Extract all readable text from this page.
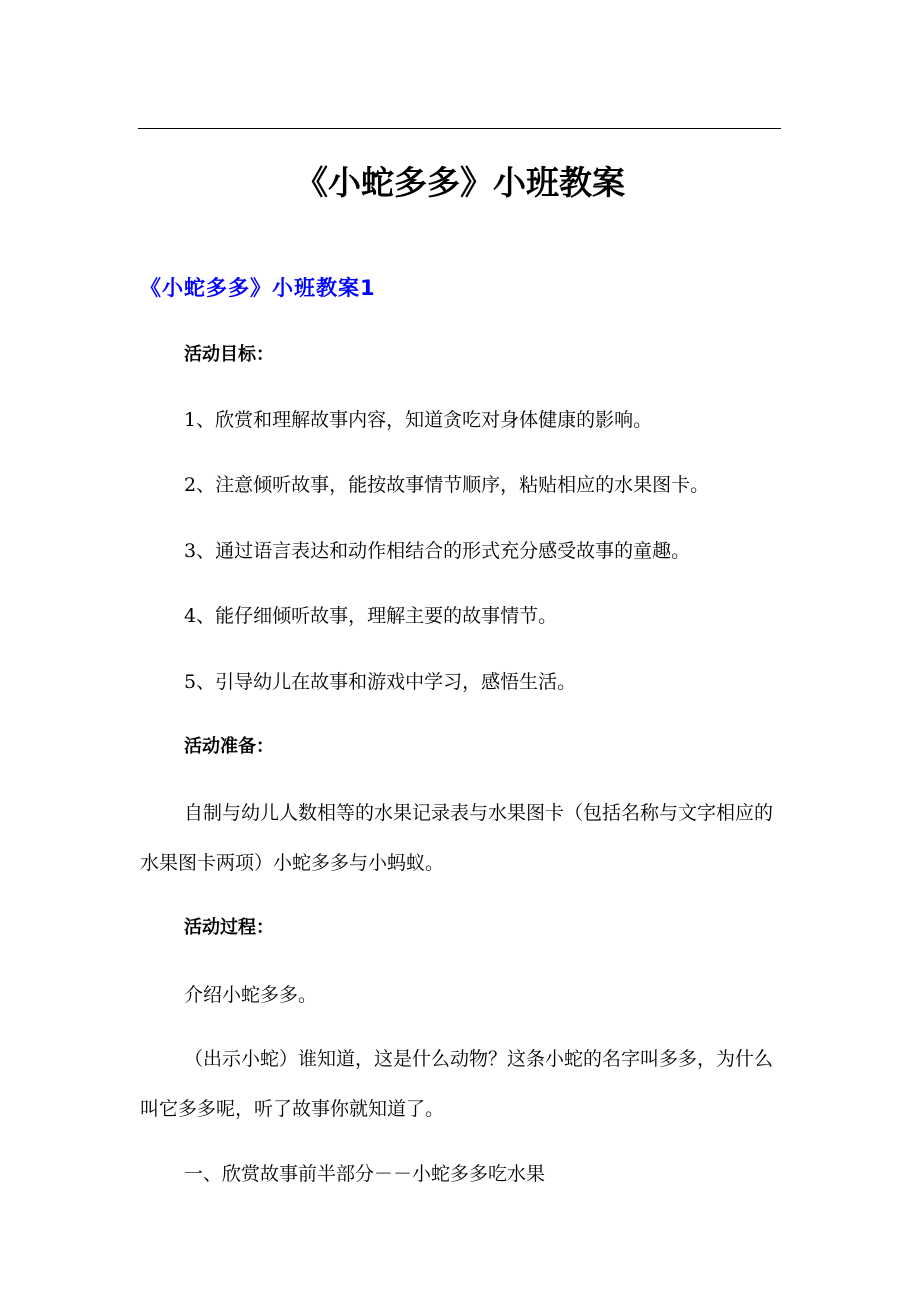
《小蛇多多》小班教案
《小蛇多多》小班教案1
活动目标：
1、欣赏和理解故事内容，知道贪吃对身体健康的影响。
2、注意倾听故事，能按故事情节顺序，粘贴相应的水果图卡。
3、通过语言表达和动作相结合的形式充分感受故事的童趣。
4、能仔细倾听故事，理解主要的故事情节。
5、引导幼儿在故事和游戏中学习，感悟生活。
活动准备：
自制与幼儿人数相等的水果记录表与水果图卡（包括名称与文字相应的水果图卡两项）小蛇多多与小蚂蚁。
活动过程：
介绍小蛇多多。
（出示小蛇）谁知道，这是什么动物？这条小蛇的名字叫多多，为什么叫它多多呢，听了故事你就知道了。
一、欣赏故事前半部分－－小蛇多多吃水果
